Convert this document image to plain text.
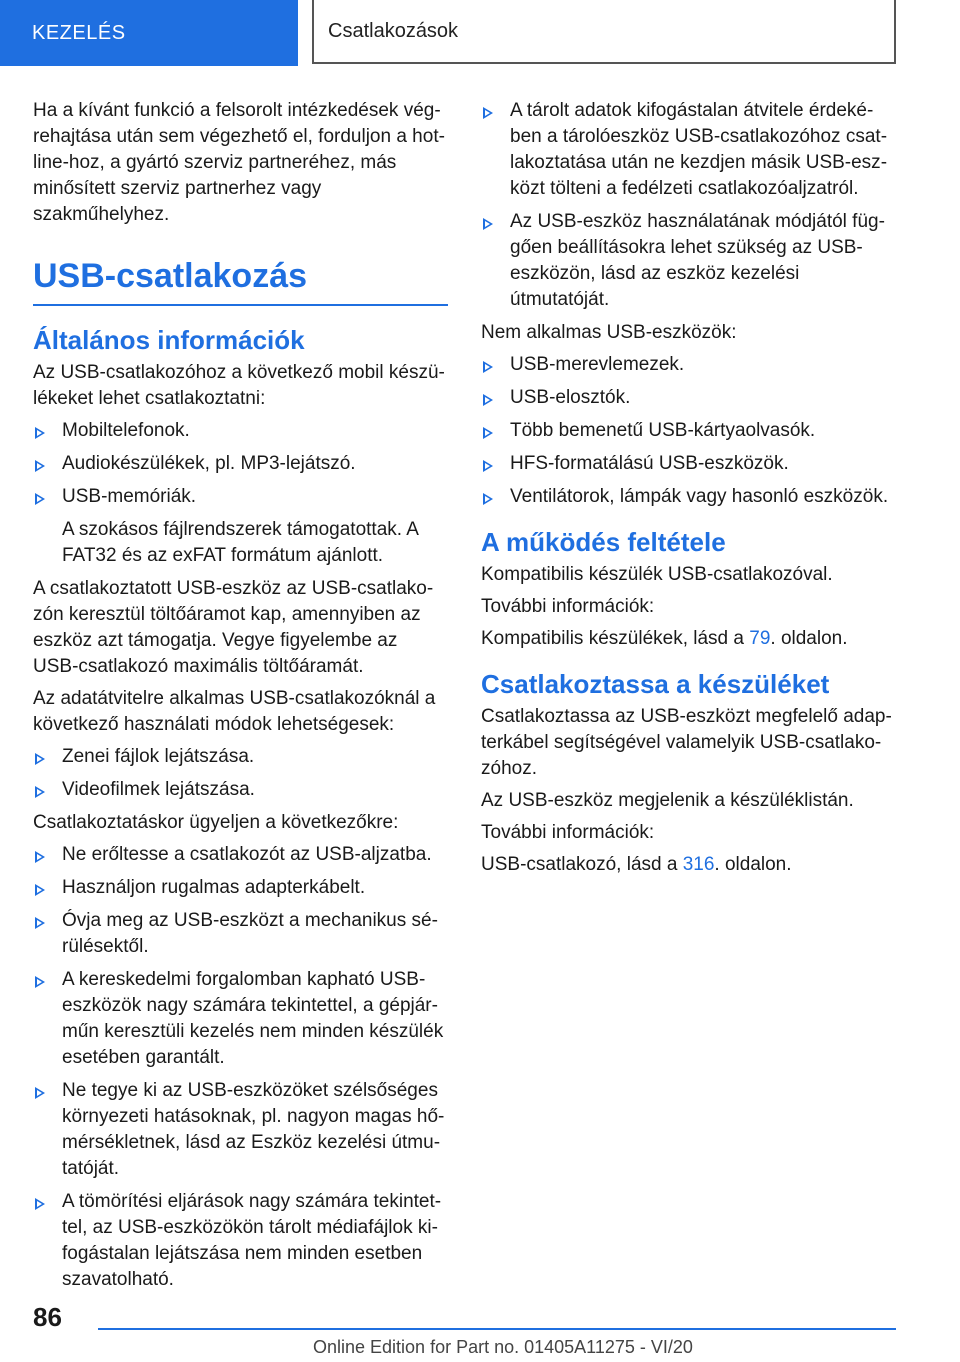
KEZELÉS	Csatlakozások

Ha a kívánt funkció a felsorolt intézkedések végrehajtása után sem végezhető el, forduljon a hotline-hoz, a gyártó szerviz partneréhez, más minősített szerviz partnerhez vagy szakműhelyhez.

USB-csatlakozás
Általános információk

Az USB-csatlakozóhoz a következő mobil készülékeket lehet csatlakoztatni:

Mobiltelefonok.
Audiokészülékek, pl. MP3-lejátszó.
USB-memóriák.
A szokásos fájlrendszerek támogatottak. A FAT32 és az exFAT formátum ajánlott.

A csatlakoztatott USB-eszköz az USB-csatlakozón keresztül töltőáramot kap, amennyiben az eszköz azt támogatja. Vegye figyelembe az USB-csatlakozó maximális töltőáramát.

Az adatátvitelre alkalmas USB-csatlakozóknál a következő használati módok lehetségesek:

Zenei fájlok lejátszása.
Videofilmek lejátszása.

Csatlakoztatáskor ügyeljen a következőkre:

Ne erőltesse a csatlakozót az USB-aljzatba.
Használjon rugalmas adapterkábelt.
Óvja meg az USB-eszközt a mechanikus sérülésektől.
A kereskedelmi forgalomban kapható USB-eszközök nagy számára tekintettel, a gépjárműn keresztüli kezelés nem minden készülék esetében garantált.
Ne tegye ki az USB-eszközöket szélsőséges környezeti hatásoknak, pl. nagyon magas hőmérsékletnek, lásd az Eszköz kezelési útmutatóját.
A tömörítési eljárások nagy számára tekintettel, az USB-eszközökön tárolt médiafájlok kifogástalan lejátszása nem minden esetben szavatolható.
A tárolt adatok kifogástalan átvitele érdekében a tárolóeszköz USB-csatlakozóhoz csatlakoztatása után ne kezdjen másik USB-eszközt tölteni a fedélzeti csatlakozóaljzatról.
Az USB-eszköz használatának módjától függően beállításokra lehet szükség az USB-eszközön, lásd az eszköz kezelési útmutatóját.

Nem alkalmas USB-eszközök:

USB-merevlemezek.
USB-elosztók.
Több bemenetű USB-kártyaolvasók.
HFS-formatálású USB-eszközök.
Ventilátorok, lámpák vagy hasonló eszközök.
A működés feltétele

Kompatibilis készülék USB-csatlakozóval.

További információk:

Kompatibilis készülékek, lásd a 79. oldalon.

Csatlakoztassa a készüléket

Csatlakoztassa az USB-eszközt megfelelő adapterkábel segítségével valamelyik USB-csatlakozóhoz.

Az USB-eszköz megjelenik a készüléklistán.

További információk:

USB-csatlakozó, lásd a 316. oldalon.

86
Online Edition for Part no. 01405A11275 - VI/20
